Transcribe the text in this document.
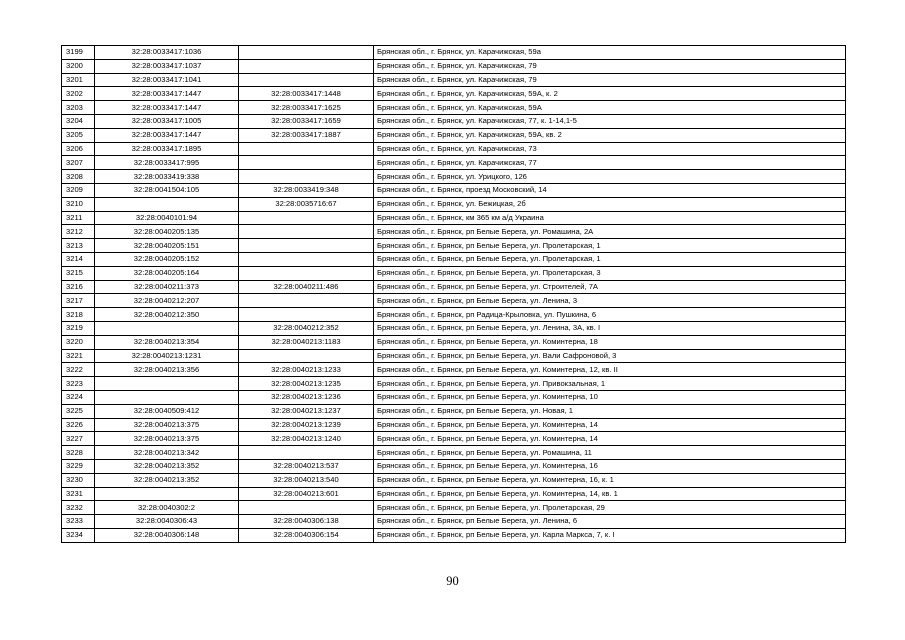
3199	32:28:0033417:1036		Брянская обл., г. Брянск, ул. Карачижская, 59а
3200	32:28:0033417:1037		Брянская обл., г. Брянск, ул. Карачижская, 79
3201	32:28:0033417:1041		Брянская обл., г. Брянск, ул. Карачижская, 79
3202	32:28:0033417:1447	32:28:0033417:1448	Брянская обл., г. Брянск, ул. Карачижская, 59А, к. 2
3203	32:28:0033417:1447	32:28:0033417:1625	Брянская обл., г. Брянск, ул. Карачижская, 59А
3204	32:28:0033417:1005	32:28:0033417:1659	Брянская обл., г. Брянск, ул. Карачижская, 77, к. 1-14,1-5
3205	32:28:0033417:1447	32:28:0033417:1887	Брянская обл., г. Брянск, ул. Карачижская, 59А, кв. 2
3206	32:28:0033417:1895		Брянская обл., г. Брянск, ул. Карачижская, 73
3207	32:28:0033417:995		Брянская обл., г. Брянск, ул. Карачижская, 77
3208	32:28:0033419:338		Брянская обл., г. Брянск, ул. Урицкого, 126
3209	32:28:0041504:105	32:28:0033419:348	Брянская обл., г. Брянск, проезд Московский, 14
3210		32:28:0035716:67	Брянская обл., г. Брянск, ул. Бежицкая, 2б
3211	32:28:0040101:94		Брянская обл., г. Брянск, км 365 км а/д Украина
3212	32:28:0040205:135		Брянская обл., г. Брянск, рп Белые Берега, ул. Ромашина, 2А
3213	32:28:0040205:151		Брянская обл., г. Брянск, рп Белые Берега, ул. Пролетарская, 1
3214	32:28:0040205:152		Брянская обл., г. Брянск, рп Белые Берега, ул. Пролетарская, 1
3215	32:28:0040205:164		Брянская обл., г. Брянск, рп Белые Берега, ул. Пролетарская, 3
3216	32:28:0040211:373	32:28:0040211:486	Брянская обл., г. Брянск, рп Белые Берега, ул. Строителей, 7А
3217	32:28:0040212:207		Брянская обл., г. Брянск, рп Белые Берега, ул. Ленина, 3
3218	32:28:0040212:350		Брянская обл., г. Брянск, рп Радица-Крыловка, ул. Пушкина, 6
3219		32:28:0040212:352	Брянская обл., г. Брянск, рп Белые Берега, ул. Ленина, 3А, кв. I
3220	32:28:0040213:354	32:28:0040213:1183	Брянская обл., г. Брянск, рп Белые Берега, ул. Коминтерна, 18
3221	32:28:0040213:1231		Брянская обл., г. Брянск, рп Белые Берега, ул. Вали Сафроновой, 3
3222	32:28:0040213:356	32:28:0040213:1233	Брянская обл., г. Брянск, рп Белые Берега, ул. Коминтерна, 12, кв. II
3223		32:28:0040213:1235	Брянская обл., г. Брянск, рп Белые Берега, ул. Привокзальная, 1
3224		32:28:0040213:1236	Брянская обл., г. Брянск, рп Белые Берега, ул. Коминтерна, 10
3225	32:28:0040509:412	32:28:0040213:1237	Брянская обл., г. Брянск, рп Белые Берега, ул. Новая, 1
3226	32:28:0040213:375	32:28:0040213:1239	Брянская обл., г. Брянск, рп Белые Берега, ул. Коминтерна, 14
3227	32:28:0040213:375	32:28:0040213:1240	Брянская обл., г. Брянск, рп Белые Берега, ул. Коминтерна, 14
3228	32:28:0040213:342		Брянская обл., г. Брянск, рп Белые Берега, ул. Ромашина, 11
3229	32:28:0040213:352	32:28:0040213:537	Брянская обл., г. Брянск, рп Белые Берега, ул. Коминтерна, 16
3230	32:28:0040213:352	32:28:0040213:540	Брянская обл., г. Брянск, рп Белые Берега, ул. Коминтерна, 16, к. 1
3231		32:28:0040213:601	Брянская обл., г. Брянск, рп Белые Берега, ул. Коминтерна, 14, кв. 1
3232	32:28:0040302:2		Брянская обл., г. Брянск, рп Белые Берега, ул. Пролетарская, 29
3233	32:28:0040306:43	32:28:0040306:138	Брянская обл., г. Брянск, рп Белые Берега, ул. Ленина, 6
3234	32:28:0040306:148	32:28:0040306:154	Брянская обл., г. Брянск, рп Белые Берега, ул. Карла Маркса, 7, к. I
90
